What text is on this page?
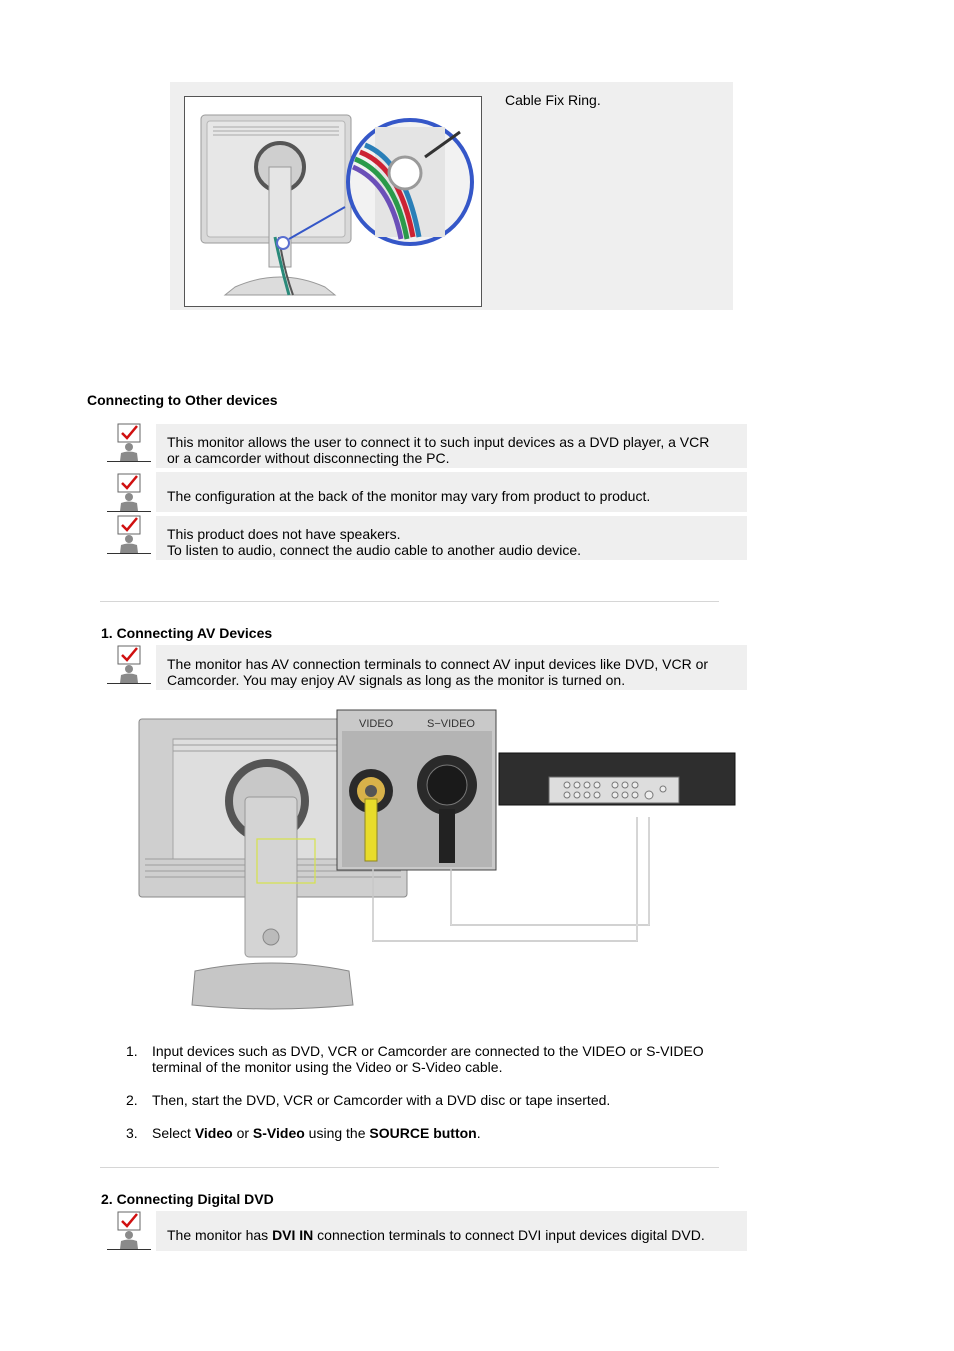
Cable Fix Ring.
Connecting to Other devices
This monitor allows the user to connect it to such input devices as a DVD player, a VCR
or a camcorder without disconnecting the PC.
The configuration at the back of the monitor may vary from product to product.
This product does not have speakers.
To listen to audio, connect the audio cable to another audio device.
1. Connecting AV Devices
The monitor has AV connection terminals to connect AV input devices like DVD, VCR or
Camcorder. You may enjoy AV signals as long as the monitor is turned on.
VIDEO	S−VIDEO
1. Input devices such as DVD, VCR or Camcorder are connected to the VIDEO or S-VIDEO
terminal of the monitor using the Video or S-Video cable.
2. Then, start the DVD, VCR or Camcorder with a DVD disc or tape inserted.
3. Select Video or S-Video using the SOURCE button.
2. Connecting Digital DVD
The monitor has DVI IN connection terminals to connect DVI input devices digital DVD.
